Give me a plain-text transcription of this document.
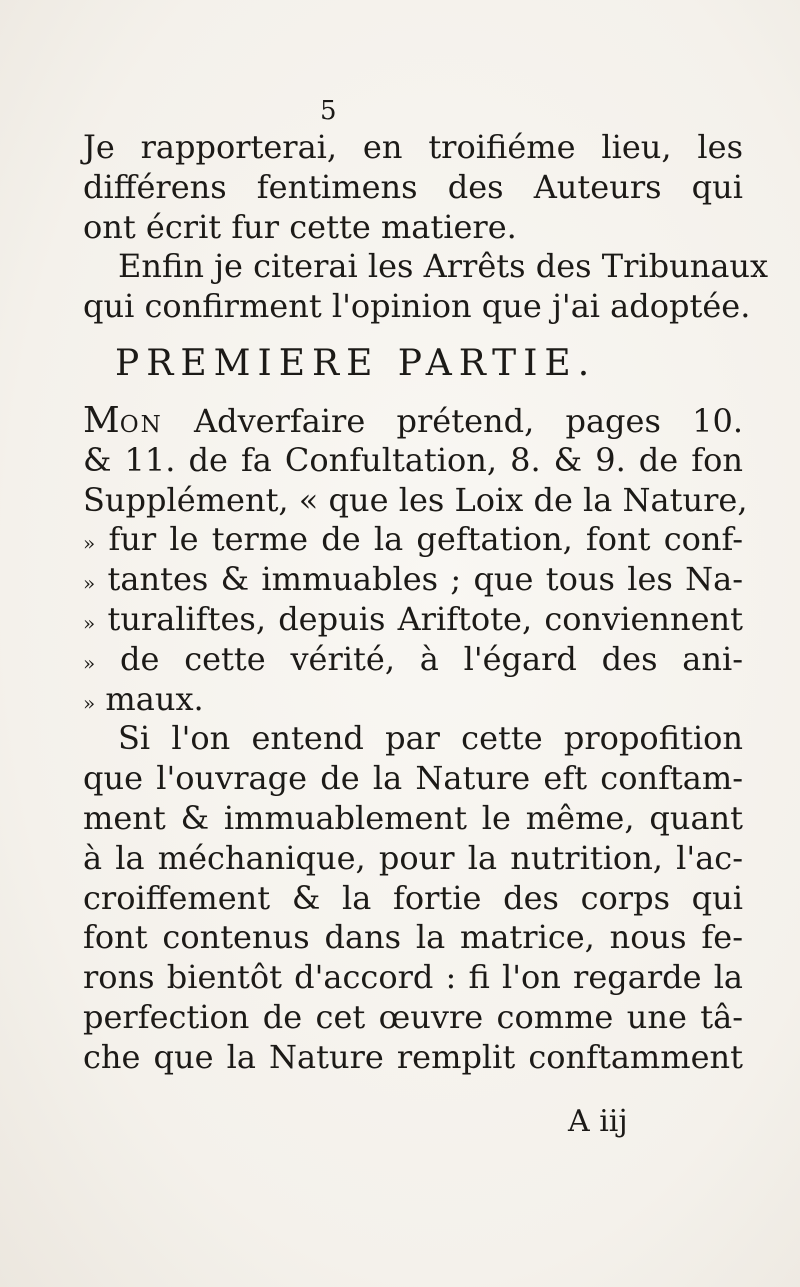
5
Je rapporterai, en troifiéme lieu, les
différens fentimens des Auteurs qui
ont écrit fur cette matiere.
Enfin je citerai les Arrêts des Tribunaux
qui confirment l'opinion que j'ai adoptée.
PREMIERE PARTIE.
MON Adverfaire prétend, pages 10.
& 11. de fa Confultation, 8. & 9. de fon
Supplément, « que les Loix de la Nature,
» fur le terme de la geftation, font conf-
» tantes & immuables ; que tous les Na-
» turaliftes, depuis Ariftote, conviennent
» de cette vérité, à l'égard des ani-
» maux.
Si l'on entend par cette propofition
que l'ouvrage de la Nature eft conftam-
ment & immuablement le même, quant
à la méchanique, pour la nutrition, l'ac-
croiffement & la fortie des corps qui
font contenus dans la matrice, nous fe-
rons bientôt d'accord : fi l'on regarde la
perfection de cet œuvre comme une tâ-
che que la Nature remplit conftamment
A iij
